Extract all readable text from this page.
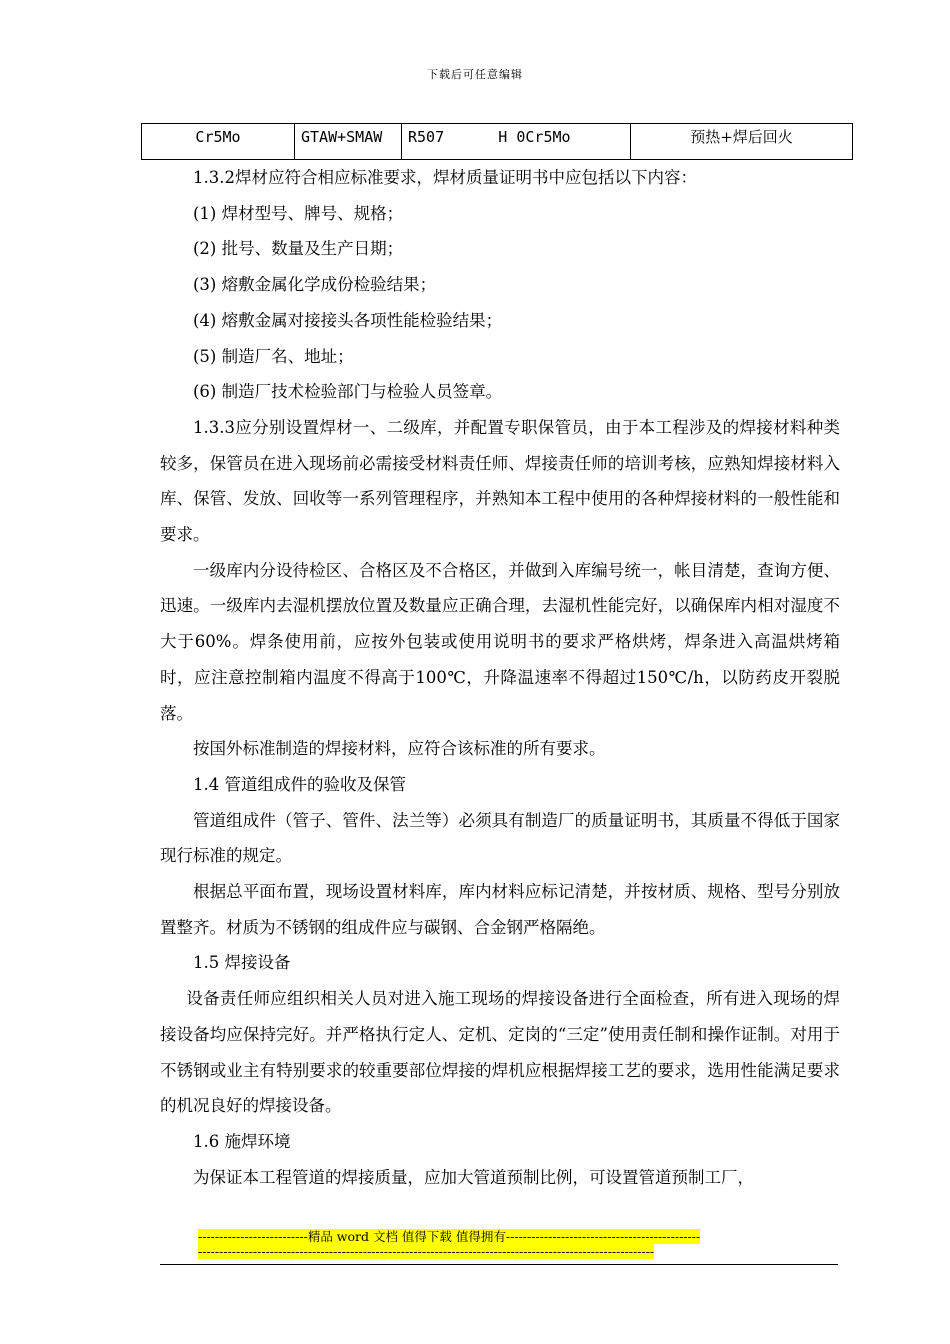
下载后可任意编辑
Cr5Mo	GTAW+SMAW	R507      H 0Cr5Mo	预热+焊后回火

1.3.2焊材应符合相应标准要求，焊材质量证明书中应包括以下内容：

(1) 焊材型号、牌号、规格；

(2) 批号、数量及生产日期；

(3) 熔敷金属化学成份检验结果；

(4) 熔敷金属对接接头各项性能检验结果；

(5) 制造厂名、地址；

(6) 制造厂技术检验部门与检验人员签章。

1.3.3应分别设置焊材一、二级库，并配置专职保管员，由于本工程涉及的焊接材料种类较多，保管员在进入现场前必需接受材料责任师、焊接责任师的培训考核，应熟知焊接材料入库、保管、发放、回收等一系列管理程序，并熟知本工程中使用的各种焊接材料的一般性能和要求。

一级库内分设待检区、合格区及不合格区，并做到入库编号统一，帐目清楚，查询方便、迅速。一级库内去湿机摆放位置及数量应正确合理，去湿机性能完好，以确保库内相对湿度不大于60%。焊条使用前，应按外包装或使用说明书的要求严格烘烤，焊条进入高温烘烤箱时，应注意控制箱内温度不得高于100℃，升降温速率不得超过150℃/h，以防药皮开裂脱落。

按国外标准制造的焊接材料，应符合该标准的所有要求。

1.4 管道组成件的验收及保管

管道组成件（管子、管件、法兰等）必须具有制造厂的质量证明书，其质量不得低于国家现行标准的规定。

根据总平面布置，现场设置材料库，库内材料应标记清楚，并按材质、规格、型号分别放置整齐。材质为不锈钢的组成件应与碳钢、合金钢严格隔绝。

1.5 焊接设备

设备责任师应组织相关人员对进入施工现场的焊接设备进行全面检查，所有进入现场的焊接设备均应保持完好。并严格执行定人、定机、定岗的“三定”使用责任制和操作证制。对用于不锈钢或业主有特别要求的较重要部位焊接的焊机应根据焊接工艺的要求，选用性能满足要求的机况良好的焊接设备。

1.6 施焊环境

为保证本工程管道的焊接质量，应加大管道预制比例，可设置管道预制工厂，

--------------------------精品 word 文档 值得下载 值得拥有----------------------------------------------
------------------------------------------------------------------------------------------------------------
